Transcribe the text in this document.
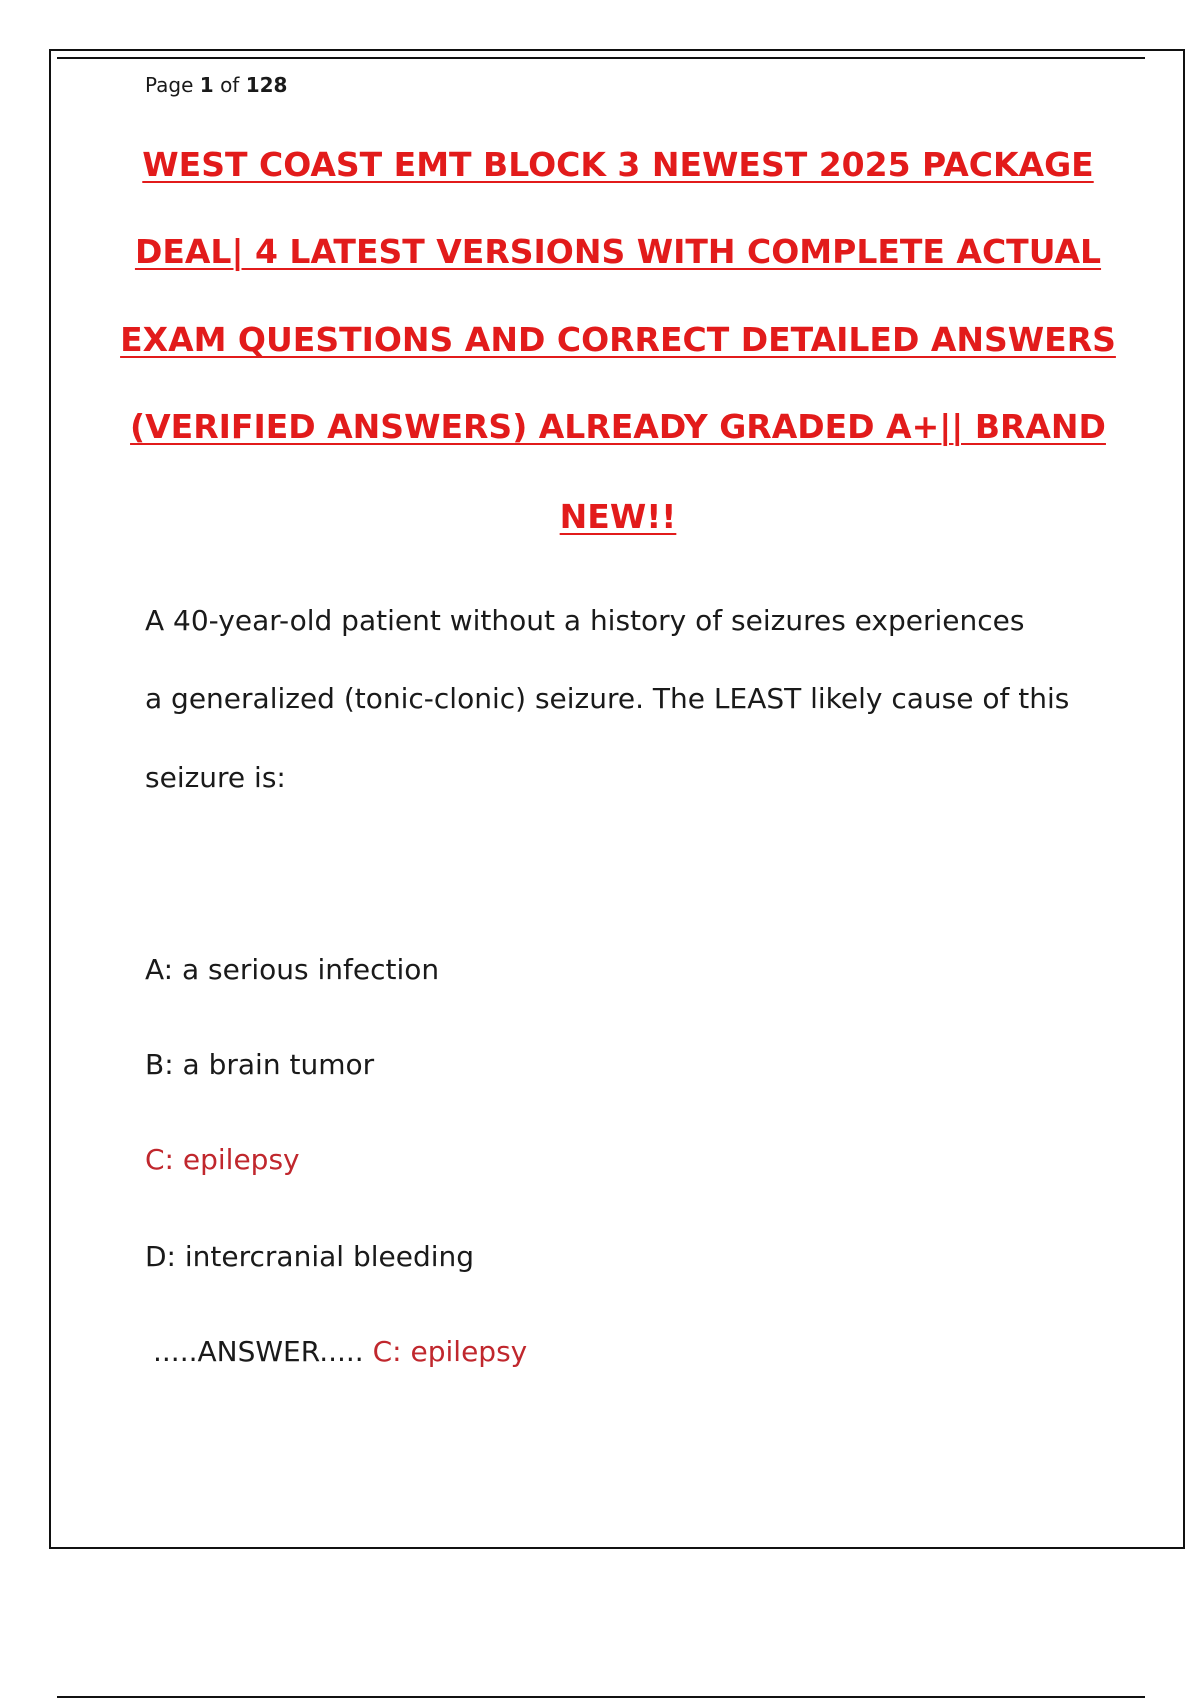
Page 1 of 128
WEST COAST EMT BLOCK 3 NEWEST 2025 PACKAGE
DEAL| 4 LATEST VERSIONS WITH COMPLETE ACTUAL
EXAM QUESTIONS AND CORRECT DETAILED ANSWERS
(VERIFIED ANSWERS) ALREADY GRADED A+|| BRAND
NEW!!
A 40-year-old patient without a history of seizures experiences
a generalized (tonic-clonic) seizure. The LEAST likely cause of this
seizure is:
A: a serious infection
B: a brain tumor
C: epilepsy
D: intercranial bleeding
.....ANSWER..... C: epilepsy
